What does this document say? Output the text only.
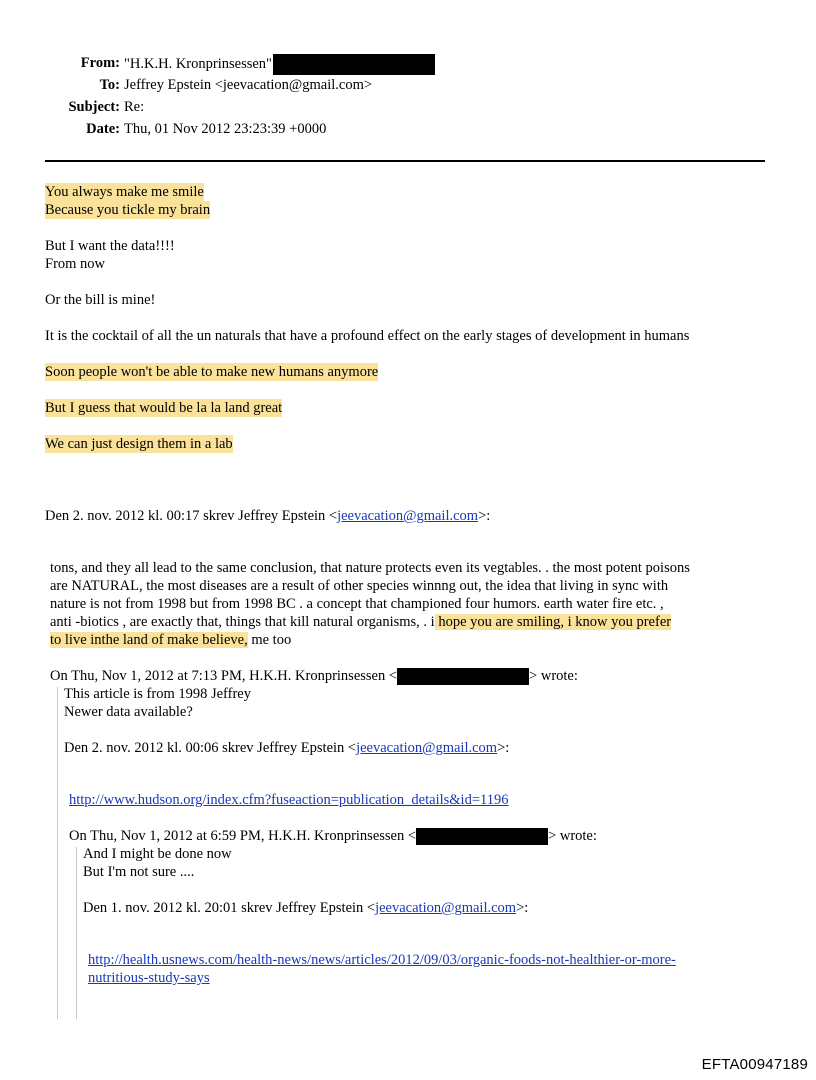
From: "H.K.H. Kronprinsessen"
To: Jeffrey Epstein <jeevacation@gmail.com>
Subject: Re:
Date: Thu, 01 Nov 2012 23:23:39 +0000
You always make me smile
Because you tickle my brain
But I want the data!!!!
From now
Or the bill is mine!
It is the cocktail of all the un naturals that have a profound effect on the early stages of development in humans
Soon people won't be able to make new humans anymore
But I guess that would be la la land great
We can just design them in a lab
Den 2. nov. 2012 kl. 00:17 skrev Jeffrey Epstein <jeevacation@gmail.com>:
tons, and they all lead to the same conclusion, that nature protects even its vegtables. . the most potent poisons
are NATURAL, the most diseases are a result of other species winnng out, the idea that living in sync with
nature is not from 1998 but from 1998 BC . a concept that championed four humors. earth water fire etc. ,
anti -biotics , are exactly that, things that kill natural organisms, . i hope you are smiling, i know you prefer
to live inthe land of make believe, me too
On Thu, Nov 1, 2012 at 7:13 PM, H.K.H. Kronprinsessen <	> wrote:
This article is from 1998 Jeffrey
Newer data available?
Den 2. nov. 2012 kl. 00:06 skrev Jeffrey Epstein <jeevacation@gmail.com>:
http://www.hudson.org/index.cfm?fuseaction=publication_details&id=1196
On Thu, Nov 1, 2012 at 6:59 PM, H.K.H. Kronprinsessen <	> wrote:
And I might be done now
But I'm not sure ....
Den 1. nov. 2012 kl. 20:01 skrev Jeffrey Epstein <jeevacation@gmail.com>:
http://health.usnews.com/health-news/news/articles/2012/09/03/organic-foods-not-healthier-or-more-
nutritious-study-says
EFTA00947189
